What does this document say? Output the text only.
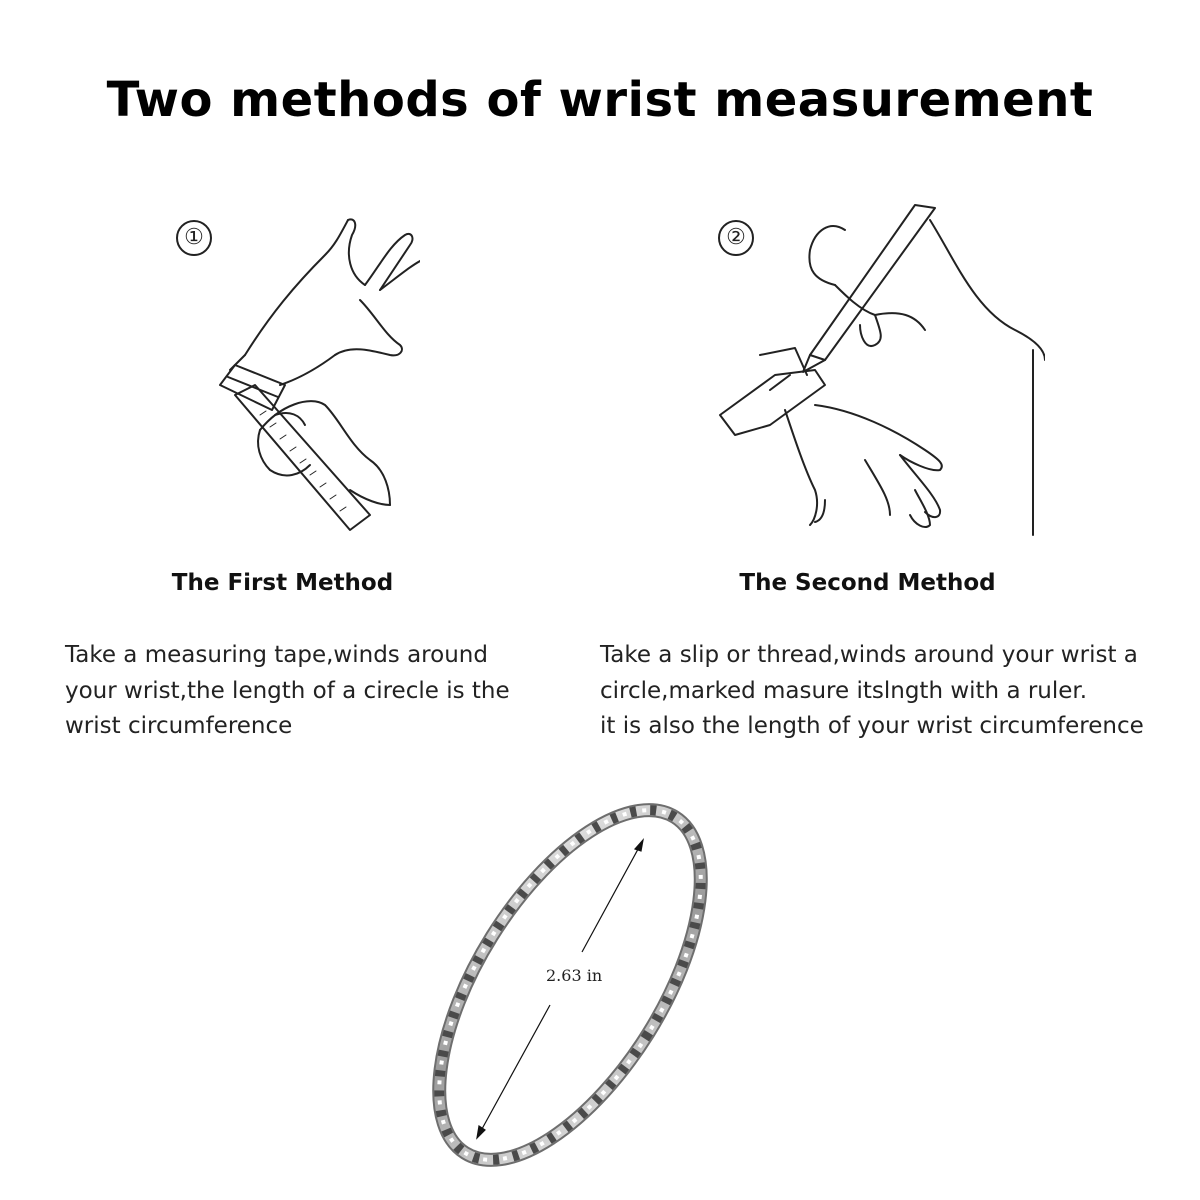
Two methods of wrist measurement
①
The First Method
Take a measuring tape,winds around
your wrist,the length of a cirecle is the
wrist circumference
②
The Second Method
Take a slip or thread,winds around your wrist a
circle,marked masure itslngth with a ruler.
it is also the length of your wrist circumference
2.63 in
